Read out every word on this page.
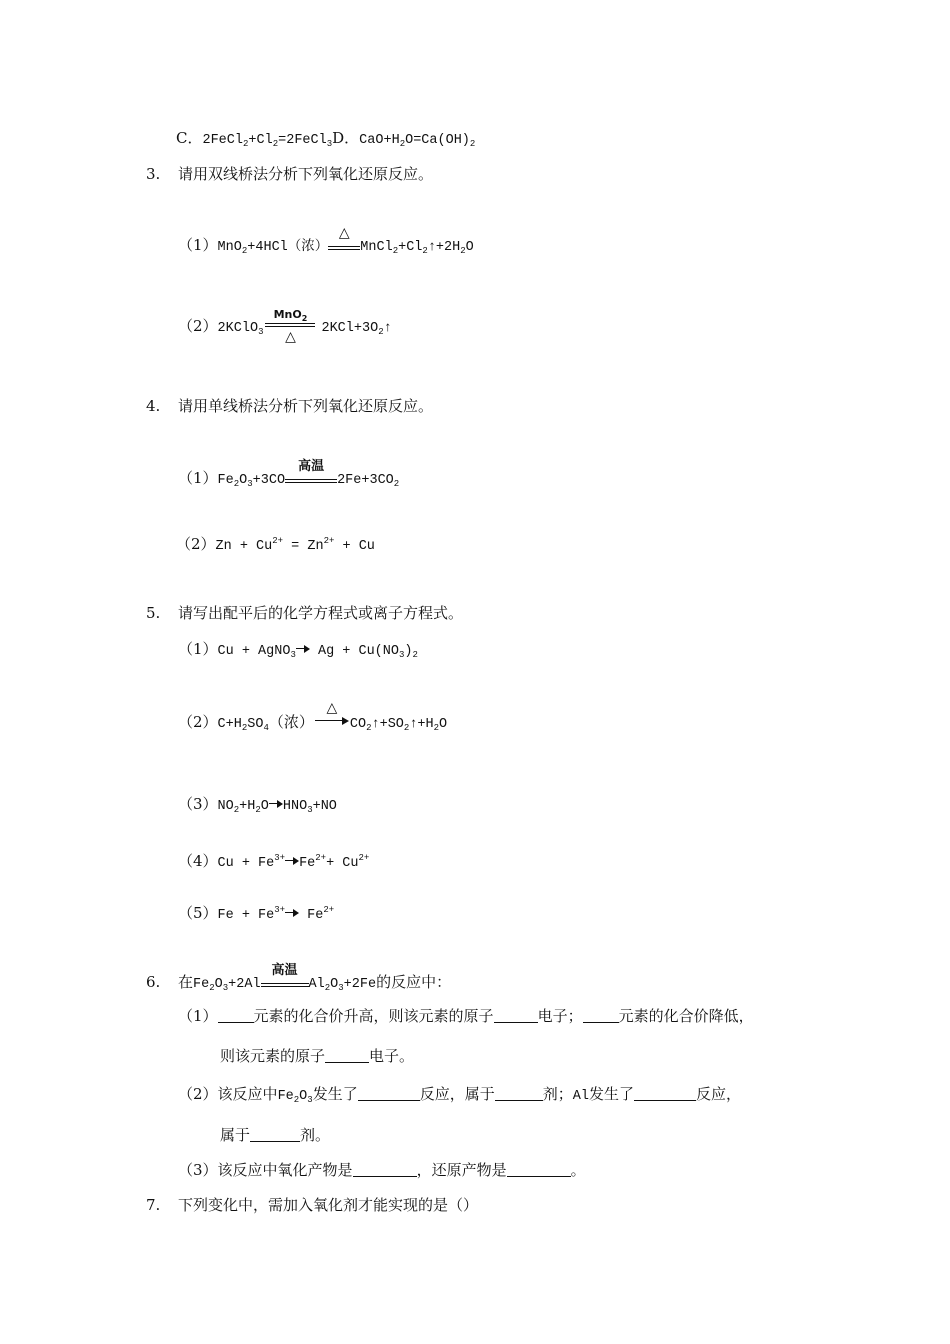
C．$2FeCl_2+Cl_2=2FeCl_3D$．$CaO+H_2O=Ca(OH)_2$
3. 请用双线桥法分析下列氧化还原反应。
（1）MnO$_2$+4HCl（浓）
△
$MnCl_2+Cl_2↑+2H_2O$
（2）2KClO$_3$
MnO$_2$
△
$2KCl+3O_2↑$
4. 请用单线桥法分析下列氧化还原反应。
$(1)Fe_2O_3+3CO$
高温
$2Fe+3CO_2$
$(2)Zn + Cu^{2+} = Zn^{2+} + Cu$
5. 请写出配平后的化学方程式或离子方程式。
（1）Cu + AgNO$_3$ $Ag + Cu(NO_3)_2$
$(2)C+H_2SO_4$（浓）
△
$CO_2↑+SO_2↑+H_2O$
$(3)NO_2+H_2O$ $HNO_3+NO$
$(4)Cu + Fe^{3+}$ $Fe^{2+}+ Cu^{2+}$
$(5)Fe + Fe^{3+}$ $Fe^{2+}$
6. 在$Fe_2O_3+2Al$
高温
$Al_2O_3+2Fe$的反应中：
（1） 元素的化合价升高，则该元素的原子	电子； 元素的化合价降低，
则该元素的原子	电子。
（2）该反应中$Fe_2O_3$发生了	反应，属于	剂；Al发生了	反应，
属于	剂。
（3）该反应中氧化产物是	，还原产物是	。
7. 下列变化中，需加入氧化剂才能实现的是（）
